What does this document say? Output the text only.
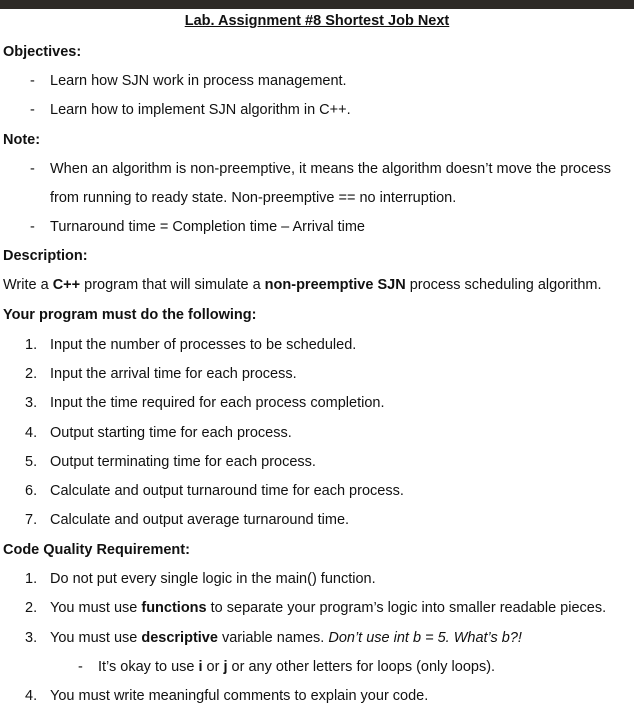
Lab. Assignment #8 Shortest Job Next
Objectives:
- Learn how SJN work in process management.
- Learn how to implement SJN algorithm in C++.
Note:
- When an algorithm is non-preemptive, it means the algorithm doesn’t move the process
from running to ready state. Non-preemptive == no interruption.
- Turnaround time = Completion time – Arrival time
Description:
Write a C++ program that will simulate a non-preemptive SJN process scheduling algorithm.
Your program must do the following:
1. Input the number of processes to be scheduled.
2. Input the arrival time for each process.
3. Input the time required for each process completion.
4. Output starting time for each process.
5. Output terminating time for each process.
6. Calculate and output turnaround time for each process.
7. Calculate and output average turnaround time.
Code Quality Requirement:
1. Do not put every single logic in the main() function.
2. You must use functions to separate your program’s logic into smaller readable pieces.
3. You must use descriptive variable names. Don’t use int b = 5. What’s b?!
- It’s okay to use i or j or any other letters for loops (only loops).
4. You must write meaningful comments to explain your code.
